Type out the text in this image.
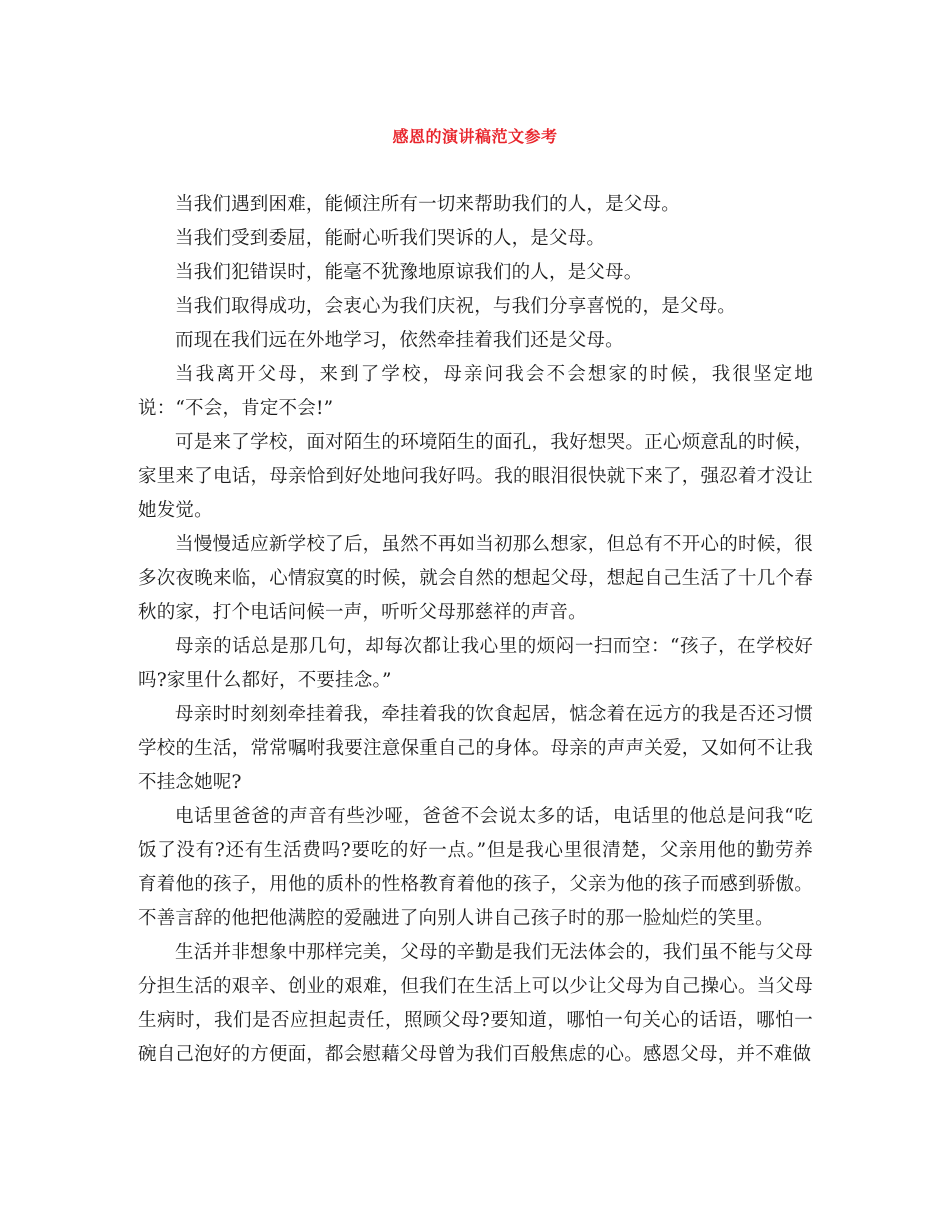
感恩的演讲稿范文参考

当我们遇到困难，能倾注所有一切来帮助我们的人，是父母。

当我们受到委屈，能耐心听我们哭诉的人，是父母。

当我们犯错误时，能毫不犹豫地原谅我们的人，是父母。

当我们取得成功，会衷心为我们庆祝，与我们分享喜悦的，是父母。

而现在我们远在外地学习，依然牵挂着我们还是父母。

当我离开父母，来到了学校，母亲问我会不会想家的时候，我很坚定地说：“不会，肯定不会!”

可是来了学校，面对陌生的环境陌生的面孔，我好想哭。正心烦意乱的时候，家里来了电话，母亲恰到好处地问我好吗。我的眼泪很快就下来了，强忍着才没让她发觉。

当慢慢适应新学校了后，虽然不再如当初那么想家，但总有不开心的时候，很多次夜晚来临，心情寂寞的时候，就会自然的想起父母，想起自己生活了十几个春秋的家，打个电话问候一声，听听父母那慈祥的声音。

母亲的话总是那几句，却每次都让我心里的烦闷一扫而空：“孩子，在学校好吗?家里什么都好，不要挂念。”

母亲时时刻刻牵挂着我，牵挂着我的饮食起居，惦念着在远方的我是否还习惯学校的生活，常常嘱咐我要注意保重自己的身体。母亲的声声关爱，又如何不让我不挂念她呢?

电话里爸爸的声音有些沙哑，爸爸不会说太多的话，电话里的他总是问我“吃饭了没有?还有生活费吗?要吃的好一点。”但是我心里很清楚，父亲用他的勤劳养育着他的孩子，用他的质朴的性格教育着他的孩子，父亲为他的孩子而感到骄傲。不善言辞的他把他满腔的爱融进了向别人讲自己孩子时的那一脸灿烂的笑里。

生活并非想象中那样完美，父母的辛勤是我们无法体会的，我们虽不能与父母分担生活的艰辛、创业的艰难，但我们在生活上可以少让父母为自己操心。当父母生病时，我们是否应担起责任，照顾父母?要知道，哪怕一句关心的话语，哪怕一碗自己泡好的方便面，都会慰藉父母曾为我们百般焦虑的心。感恩父母，并不难做
